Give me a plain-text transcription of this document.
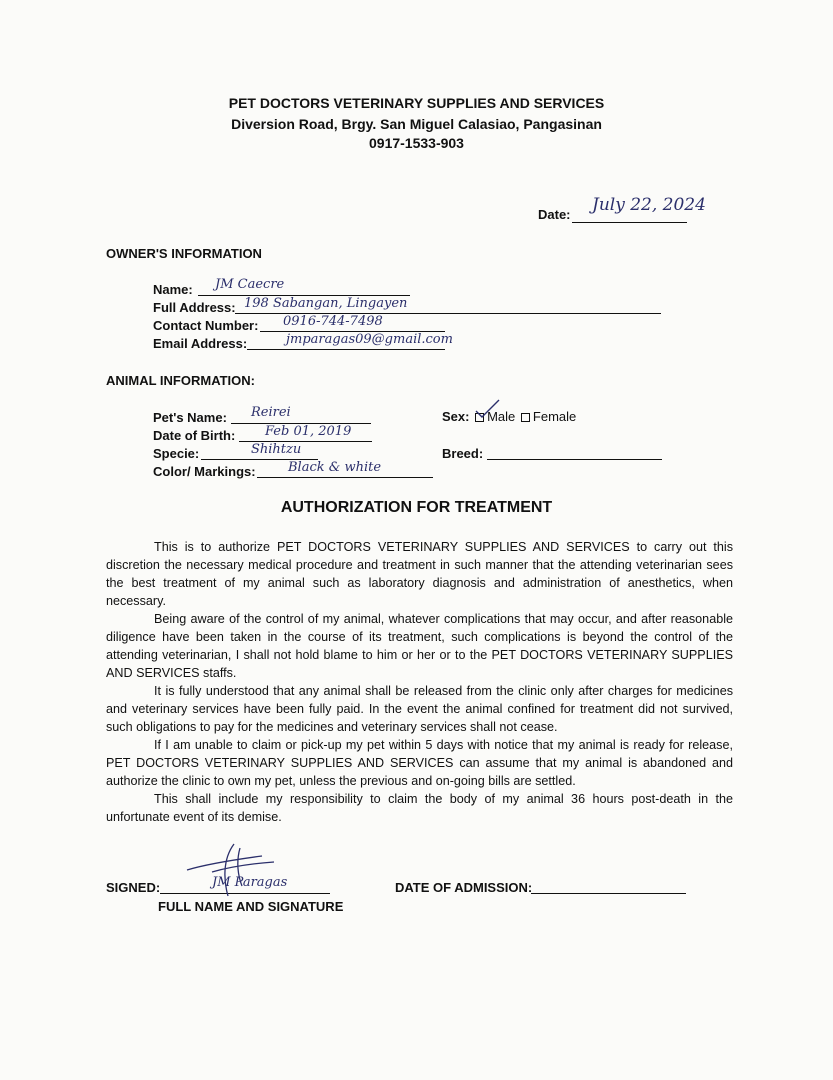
PET DOCTORS VETERINARY SUPPLIES AND SERVICES
Diversion Road, Brgy. San Miguel Calasiao, Pangasinan
0917-1533-903
Date: July 22, 2024
OWNER'S INFORMATION
Name: JM Caecre
Full Address: 198 Sabangan, Lingayen
Contact Number: 0916-744-7498
Email Address:	jmparagas09@gmail.com
ANIMAL INFORMATION:
Pet's Name: Reirei
Date of Birth: Feb 01, 2019
Specie:	Shihtzu
Color/ Markings: Black & white
Sex: Male Female
Breed:
AUTHORIZATION FOR TREATMENT

This is to authorize PET DOCTORS VETERINARY SUPPLIES AND SERVICES to carry out this discretion the necessary medical procedure and treatment in such manner that the attending veterinarian sees the best treatment of my animal such as laboratory diagnosis and administration of anesthetics, when necessary.

Being aware of the control of my animal, whatever complications that may occur, and after reasonable diligence have been taken in the course of its treatment, such complications is beyond the control of the attending veterinarian, I shall not hold blame to him or her or to the PET DOCTORS VETERINARY SUPPLIES AND SERVICES staffs.

It is fully understood that any animal shall be released from the clinic only after charges for medicines and veterinary services have been fully paid. In the event the animal confined for treatment did not survived, such obligations to pay for the medicines and veterinary services shall not cease.

If I am unable to claim or pick-up my pet within 5 days with notice that my animal is ready for release, PET DOCTORS VETERINARY SUPPLIES AND SERVICES can assume that my animal is abandoned and authorize the clinic to own my pet, unless the previous and on-going bills are settled.

This shall include my responsibility to claim the body of my animal 36 hours post-death in the unfortunate event of its demise.

SIGNED:	JM Paragas
FULL NAME AND SIGNATURE
DATE OF ADMISSION:
